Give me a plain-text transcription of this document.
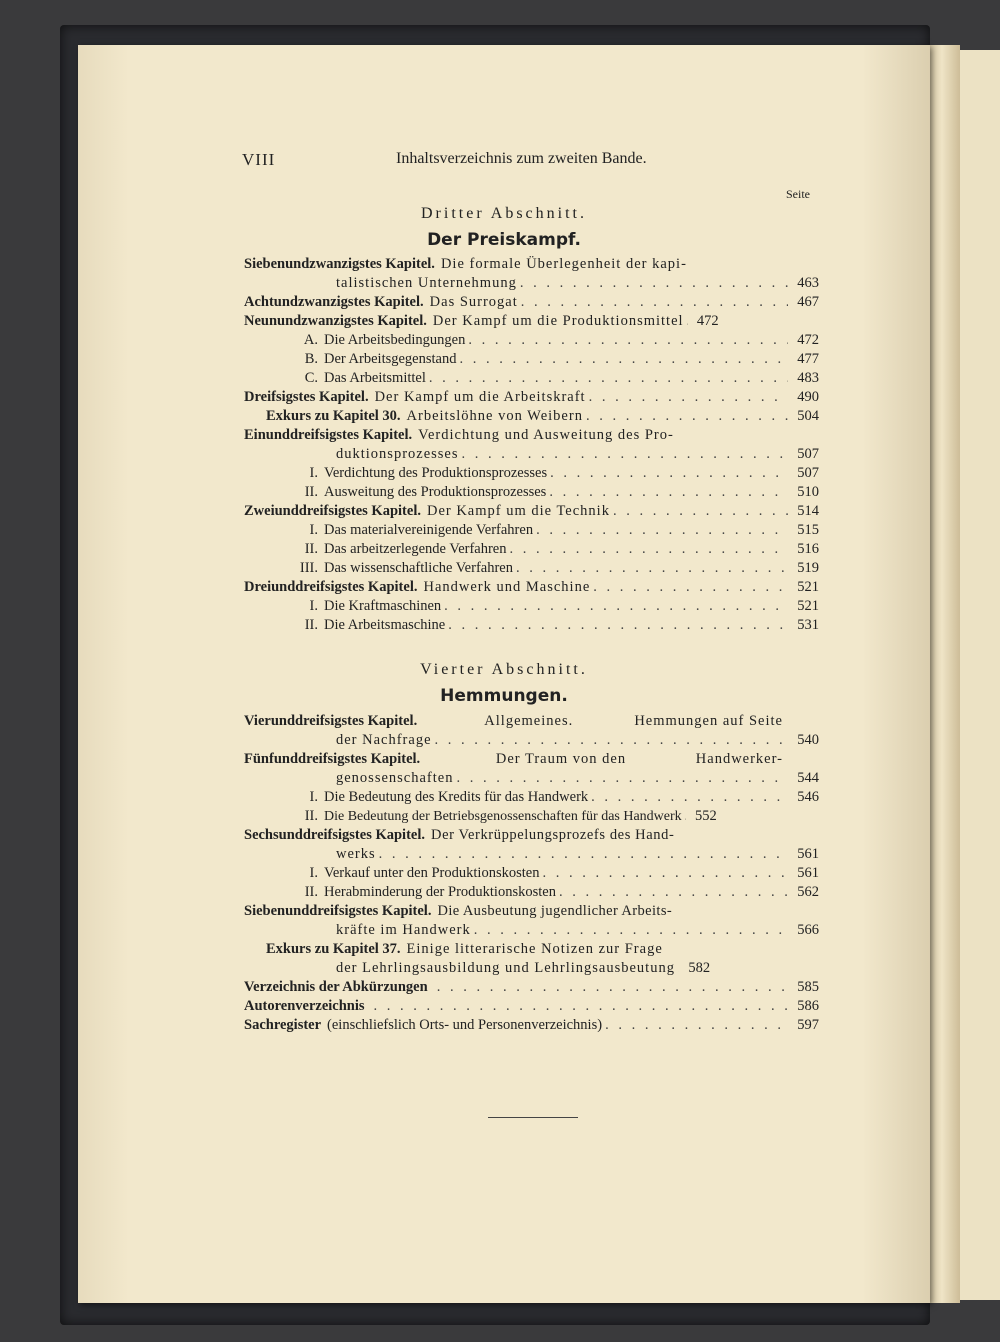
VIII	Inhaltsverzeichnis zum zweiten Bande.
Seite
Dritter Abschnitt.
Der Preiskampf.
Siebenundzwanzigstes Kapitel. Die formale Überlegenheit der kapi-
talistischen Unternehmung . . .	463
Achtundzwanzigstes Kapitel. Das Surrogat . . .	467
Neunundzwanzigstes Kapitel. Der Kampf um die Produktionsmittel . . . 472
A. Die Arbeitsbedingungen . . .	472
B. Der Arbeitsgegenstand . . .	477
C. Das Arbeitsmittel . . .	483
Dreifsigstes Kapitel. Der Kampf um die Arbeitskraft . . .	490
Exkurs zu Kapitel 30. Arbeitslöhne von Weibern . . .	504
Einunddreifsigstes Kapitel. Verdichtung und Ausweitung des Pro-
duktionsprozesses . . .	507
I. Verdichtung des Produktionsprozesses . . .	507
II. Ausweitung des Produktionsprozesses . . .	510
Zweiunddreifsigstes Kapitel. Der Kampf um die Technik . . .	514
I. Das materialvereinigende Verfahren . . .	515
II. Das arbeitzerlegende Verfahren . . .	516
III. Das wissenschaftliche Verfahren . . .	519
Dreiunddreifsigstes Kapitel. Handwerk und Maschine . . .	521
I. Die Kraftmaschinen . . .	521
II. Die Arbeitsmaschine . . .	531
Vierter Abschnitt.
Hemmungen.
Vierunddreifsigstes Kapitel.	Allgemeines.	Hemmungen auf Seite
der Nachfrage . . .	540
Fünfunddreifsigstes Kapitel.	Der Traum von den	Handwerker-
genossenschaften . . .	544
I. Die Bedeutung des Kredits für das Handwerk . . .	546
II. Die Bedeutung der Betriebsgenossenschaften für das Handwerk . . . 552
Sechsunddreifsigstes Kapitel. Der Verkrüppelungsprozefs des Hand-
werks . . .	561
I. Verkauf unter den Produktionskosten . . .	561
II. Herabminderung der Produktionskosten . . .	562
Siebenunddreifsigstes Kapitel. Die Ausbeutung jugendlicher Arbeits-
kräfte im Handwerk . . .	566
Exkurs zu Kapitel 37. Einige litterarische Notizen zur Frage
der Lehrlingsausbildung und Lehrlingsausbeutung . . . 582
Verzeichnis der Abkürzungen . . .	585
Autorenverzeichnis . . .	586
Sachregister (einschliefslich Orts- und Personenverzeichnis) . . .	597
